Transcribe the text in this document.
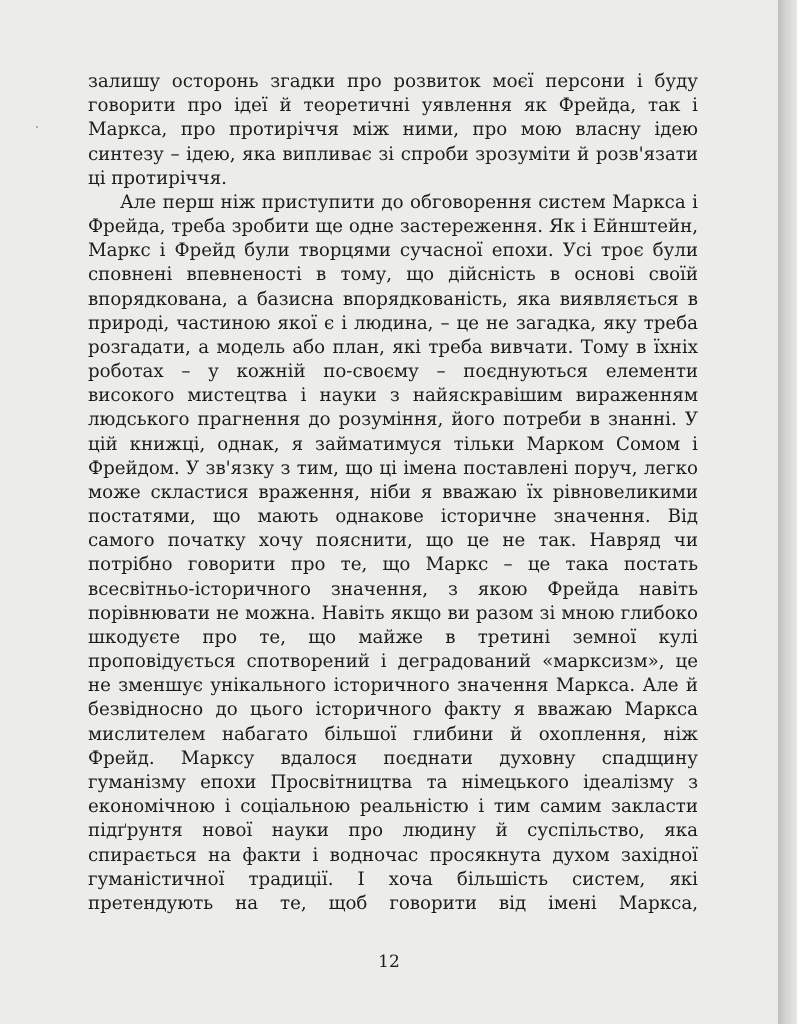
залишу осторонь згадки про розвиток моєї персони і буду
говорити про ідеї й теоретичні уявлення як Фрейда, так і
Маркса, про протиріччя між ними, про мою власну ідею
синтезу – ідею, яка випливає зі спроби зрозуміти й розв'язати
ці протиріччя.
Але перш ніж приступити до обговорення систем Маркса і
Фрейда, треба зробити ще одне застереження. Як і Ейнштейн,
Маркс і Фрейд були творцями сучасної епохи. Усі троє були
сповнені впевненості в тому, що дійсність в основі своїй
впорядкована, а базисна впорядкованість, яка виявляється в
природі, частиною якої є і людина, – це не загадка, яку треба
розгадати, а модель або план, які треба вивчати. Тому в їхніх
роботах – у кожній по-своєму – поєднуються елементи
високого мистецтва і науки з найяскравішим вираженням
людського прагнення до розуміння, його потреби в знанні. У
цій книжці, однак, я займатимуся тільки Марком Сомом і
Фрейдом. У зв'язку з тим, що ці імена поставлені поруч, легко
може скластися враження, ніби я вважаю їх рівновеликими
постатями, що мають однакове історичне значення. Від
самого початку хочу пояснити, що це не так. Навряд чи
потрібно говорити про те, що Маркс – це така постать
всесвітньо-історичного значення, з якою Фрейда навіть
порівнювати не можна. Навіть якщо ви разом зі мною глибоко
шкодуєте про те, що майже в третині земної кулі
проповідується спотворений і деградований «марксизм», це
не зменшує унікального історичного значення Маркса. Але й
безвідносно до цього історичного факту я вважаю Маркса
мислителем набагато більшої глибини й охоплення, ніж
Фрейд. Марксу вдалося поєднати духовну спадщину
гуманізму епохи Просвітництва та німецького ідеалізму з
економічною і соціальною реальністю і тим самим закласти
підґрунтя нової науки про людину й суспільство, яка
спирається на факти і водночас просякнута духом західної
гуманістичної традиції. І хоча більшість систем, які
претендують на те, щоб говорити від імені Маркса,
12
